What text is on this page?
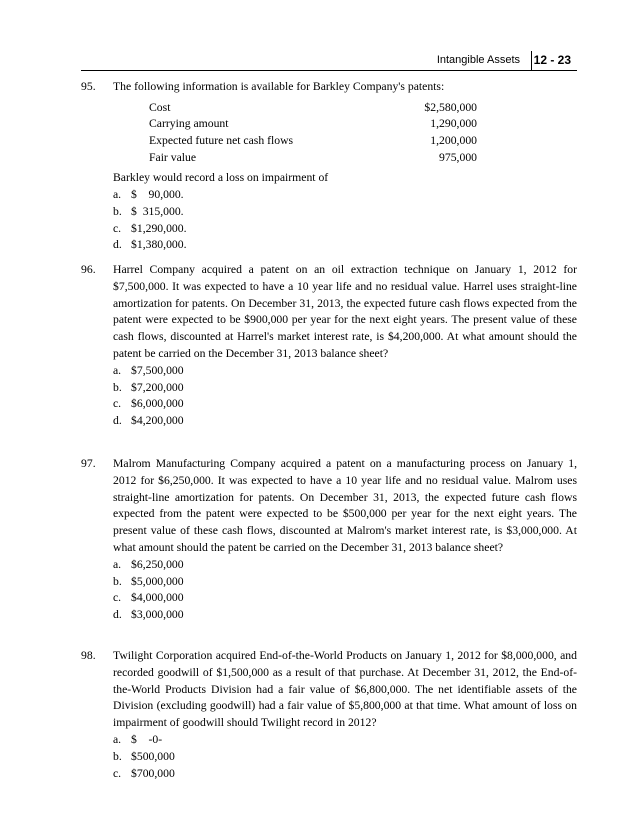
Intangible Assets 12 - 23
95. The following information is available for Barkley Company's patents:

Cost	$2,580,000
Carrying amount	1,290,000
Expected future net cash flows	1,200,000
Fair value	975,000

Barkley would record a loss on impairment of

a. $    90,000.
b. $  315,000.
c. $1,290,000.
d. $1,380,000.
96. Harrel Company acquired a patent on an oil extraction technique on January 1, 2012 for $7,500,000. It was expected to have a 10 year life and no residual value. Harrel uses straight-line amortization for patents. On December 31, 2013, the expected future cash flows expected from the patent were expected to be $900,000 per year for the next eight years. The present value of these cash flows, discounted at Harrel's market interest rate, is $4,200,000. At what amount should the patent be carried on the December 31, 2013 balance sheet?

a. $7,500,000
b. $7,200,000
c. $6,000,000
d. $4,200,000
97. Malrom Manufacturing Company acquired a patent on a manufacturing process on January 1, 2012 for $6,250,000. It was expected to have a 10 year life and no residual value. Malrom uses straight-line amortization for patents. On December 31, 2013, the expected future cash flows expected from the patent were expected to be $500,000 per year for the next eight years. The present value of these cash flows, discounted at Malrom's market interest rate, is $3,000,000. At what amount should the patent be carried on the December 31, 2013 balance sheet?

a. $6,250,000
b. $5,000,000
c. $4,000,000
d. $3,000,000
98. Twilight Corporation acquired End-of-the-World Products on January 1, 2012 for $8,000,000, and recorded goodwill of $1,500,000 as a result of that purchase. At December 31, 2012, the End-of-the-World Products Division had a fair value of $6,800,000. The net identifiable assets of the Division (excluding goodwill) had a fair value of $5,800,000 at that time. What amount of loss on impairment of goodwill should Twilight record in 2012?

a. $    -0-
b. $500,000
c. $700,000
